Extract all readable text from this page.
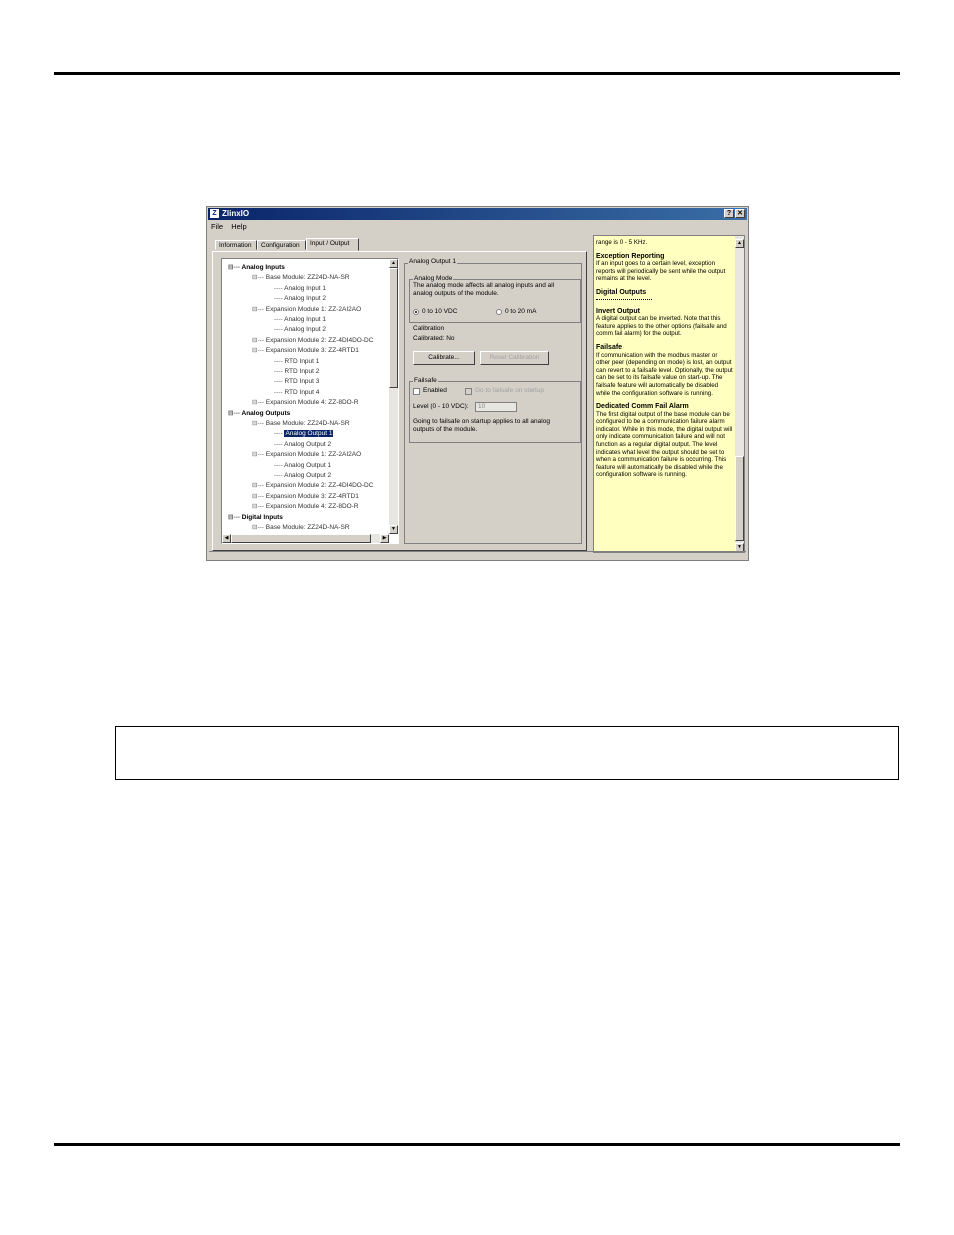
Z ZlinxIO	? ✕
File Help
Information	Configuration	Input / Output
⊟--- Analog Inputs
⊟--- Base Module: ZZ24D-NA-SR
---- Analog Input 1
---- Analog Input 2
⊟--- Expansion Module 1: ZZ-2AI2AO
---- Analog Input 1
---- Analog Input 2
⊟--- Expansion Module 2: ZZ-4DI4DO-DC
⊟--- Expansion Module 3: ZZ-4RTD1
---- RTD Input 1
---- RTD Input 2
---- RTD Input 3
---- RTD Input 4
⊟--- Expansion Module 4: ZZ-8DO-R
⊟--- Analog Outputs
⊟--- Base Module: ZZ24D-NA-SR
---- Analog Output 1
---- Analog Output 2
⊟--- Expansion Module 1: ZZ-2AI2AO
---- Analog Output 1
---- Analog Output 2
⊟--- Expansion Module 2: ZZ-4DI4DO-DC
⊟--- Expansion Module 3: ZZ-4RTD1
⊟--- Expansion Module 4: ZZ-8DO-R
⊟--- Digital Inputs
⊟--- Base Module: ZZ24D-NA-SR
▲
▼
◀	▶
Analog Output 1
Analog Mode
The analog mode affects all analog inputs and all analog outputs of the module.
0 to 10 VDC	0 to 20 mA
Calibration
Calibrated: No
Calibrate...	Reset Calibration
Failsafe
Enabled	Go to failsafe on startup
Level (0 - 10 VDC):	10
Going to failsafe on startup applies to all analog outputs of the module.

range is 0 - 5 KHz.

Exception Reporting

If an input goes to a certain level, exception reports will periodically be sent while the output remains at the level.

Digital Outputs

Invert Output

A digital output can be inverted. Note that this feature applies to the other options (failsafe and comm fail alarm) for the output.

Failsafe

If communication with the modbus master or other peer (depending on mode) is lost, an output can revert to a failsafe level. Optionally, the output can be set to its failsafe value on start-up. The failsafe feature will automatically be disabled while the configuration software is running.

Dedicated Comm Fail Alarm

The first digital output of the base module can be configured to be a communication failure alarm indicator. While in this mode, the digital output will only indicate communication failure and will not function as a regular digital output. The level indicates what level the output should be set to when a communication failure is occurring. This feature will automatically be disabled while the configuration software is running.

▲
▼
